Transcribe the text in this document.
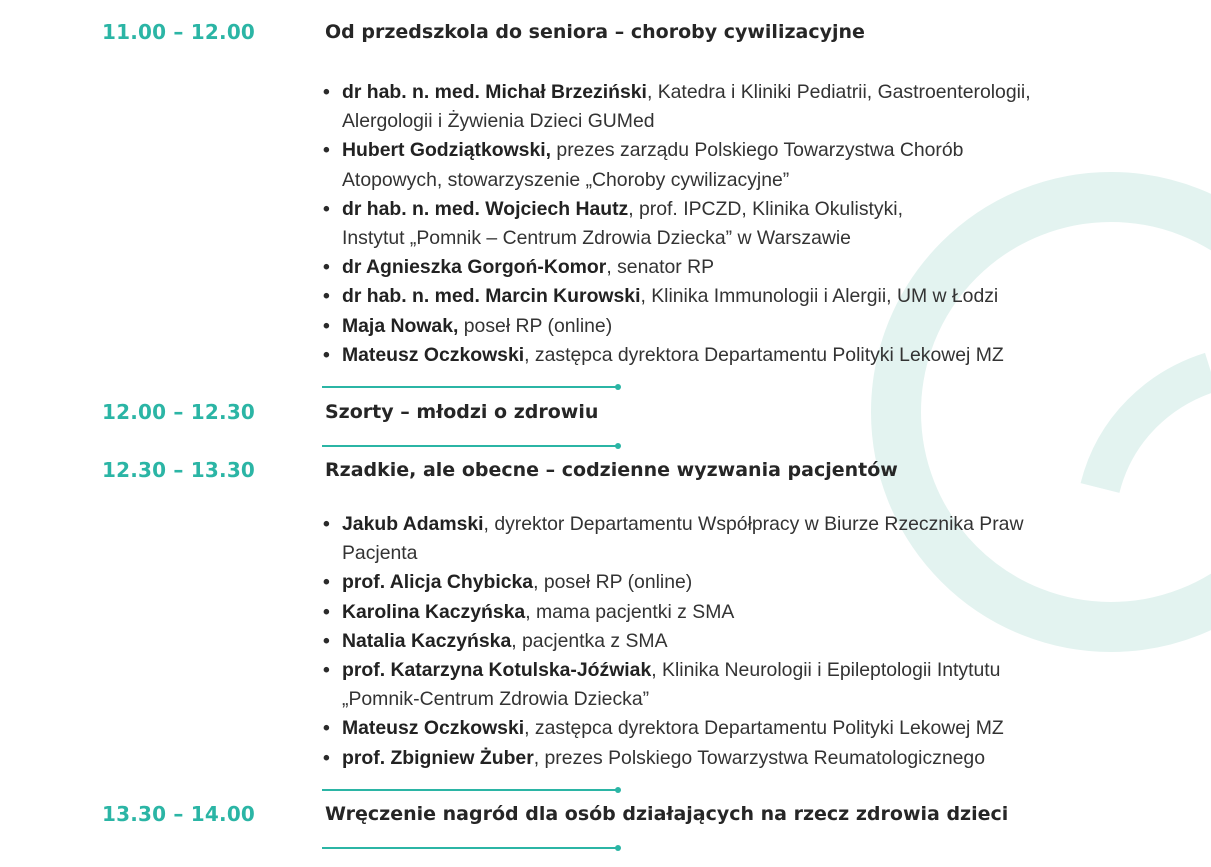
11.00 – 12.00	Od przedszkola do seniora – choroby cywilizacyjne
• dr hab. n. med. Michał Brzeziński, Katedra i Kliniki Pediatrii, Gastroenterologii,
Alergologii i Żywienia Dzieci GUMed
• Hubert Godziątkowski, prezes zarządu Polskiego Towarzystwa Chorób
Atopowych, stowarzyszenie „Choroby cywilizacyjne”
• dr hab. n. med. Wojciech Hautz, prof. IPCZD, Klinika Okulistyki,
Instytut „Pomnik – Centrum Zdrowia Dziecka” w Warszawie
• dr Agnieszka Gorgoń-Komor, senator RP
• dr hab. n. med. Marcin Kurowski, Klinika Immunologii i Alergii, UM w Łodzi
• Maja Nowak, poseł RP (online)
• Mateusz Oczkowski, zastępca dyrektora Departamentu Polityki Lekowej MZ
12.00 – 12.30	Szorty – młodzi o zdrowiu
12.30 – 13.30	Rzadkie, ale obecne – codzienne wyzwania pacjentów
• Jakub Adamski, dyrektor Departamentu Współpracy w Biurze Rzecznika Praw
Pacjenta
• prof. Alicja Chybicka, poseł RP (online)
• Karolina Kaczyńska, mama pacjentki z SMA
• Natalia Kaczyńska, pacjentka z SMA
• prof. Katarzyna Kotulska-Jóźwiak, Klinika Neurologii i Epileptologii Intytutu
„Pomnik-Centrum Zdrowia Dziecka”
• Mateusz Oczkowski, zastępca dyrektora Departamentu Polityki Lekowej MZ
• prof. Zbigniew Żuber, prezes Polskiego Towarzystwa Reumatologicznego
13.30 – 14.00	Wręczenie nagród dla osób działających na rzecz zdrowia dzieci
